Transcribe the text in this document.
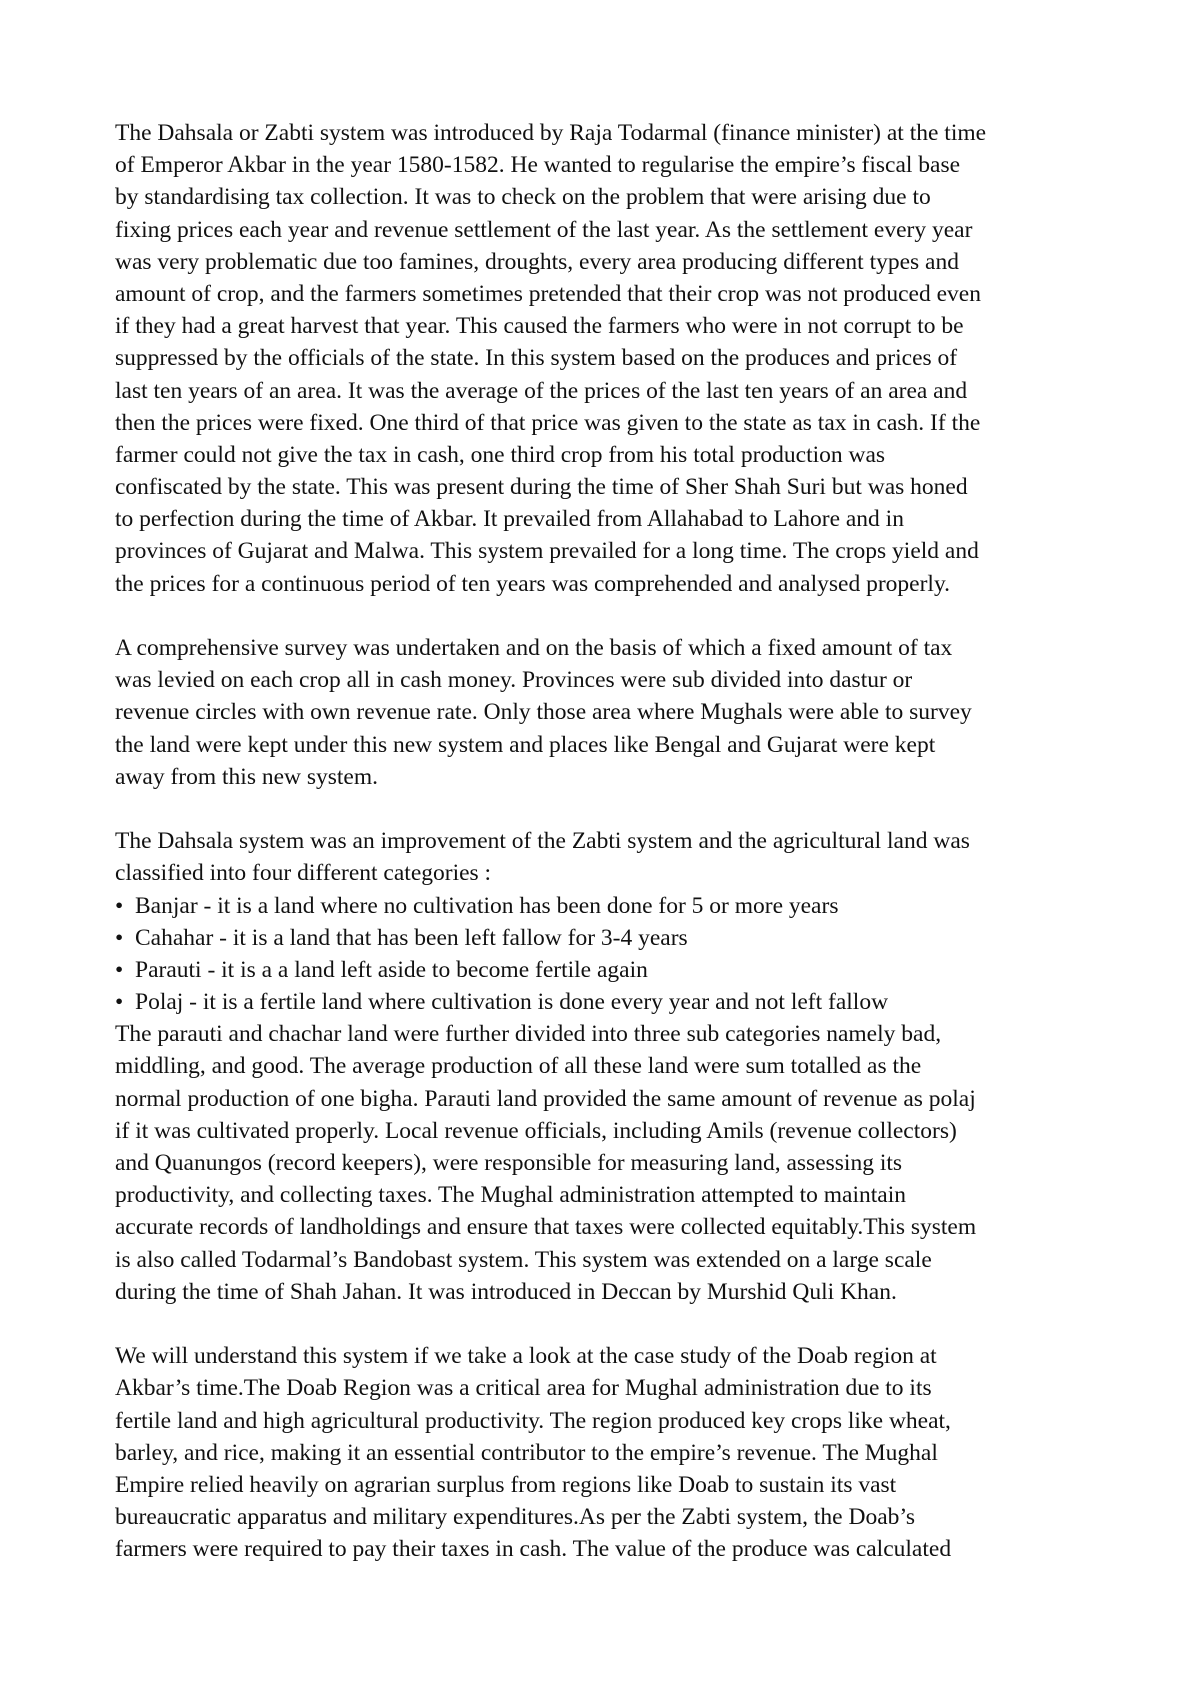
The Dahsala or Zabti system was introduced by Raja Todarmal (finance minister) at the time
of Emperor Akbar in the year 1580-1582. He wanted to regularise the empire’s fiscal base
by standardising tax collection. It was to check on the problem that were arising due to
fixing prices each year and revenue settlement of the last year. As the settlement every year
was very problematic due too famines, droughts, every area producing different types and
amount of crop, and the farmers sometimes pretended that their crop was not produced even
if they had a great harvest that year. This caused the farmers who were in not corrupt to be
suppressed by the officials of the state. In this system based on the produces and prices of
last ten years of an area. It was the average of the prices of the last ten years of an area and
then the prices were fixed. One third of that price was given to the state as tax in cash. If the
farmer could not give the tax in cash, one third crop from his total production was
confiscated by the state. This was present during the time of Sher Shah Suri but was honed
to perfection during the time of Akbar. It prevailed from Allahabad to Lahore and in
provinces of Gujarat and Malwa. This system prevailed for a long time. The crops yield and
the prices for a continuous period of ten years was comprehended and analysed properly.
A comprehensive survey was undertaken and on the basis of which a fixed amount of tax
was levied on each crop all in cash money. Provinces were sub divided into dastur or
revenue circles with own revenue rate. Only those area where Mughals were able to survey
the land were kept under this new system and places like Bengal and Gujarat were kept
away from this new system.
The Dahsala system was an improvement of the Zabti system and the agricultural land was
classified into four different categories :
• Banjar - it is a land where no cultivation has been done for 5 or more years
• Cahahar - it is a land that has been left fallow for 3-4 years
• Parauti - it is a a land left aside to become fertile again
• Polaj - it is a fertile land where cultivation is done every year and not left fallow
The parauti and chachar land were further divided into three sub categories namely bad,
middling, and good. The average production of all these land were sum totalled as the
normal production of one bigha. Parauti land provided the same amount of revenue as polaj
if it was cultivated properly. Local revenue officials, including Amils (revenue collectors)
and Quanungos (record keepers), were responsible for measuring land, assessing its
productivity, and collecting taxes. The Mughal administration attempted to maintain
accurate records of landholdings and ensure that taxes were collected equitably.This system
is also called Todarmal’s Bandobast system. This system was extended on a large scale
during the time of Shah Jahan. It was introduced in Deccan by Murshid Quli Khan.
We will understand this system if we take a look at the case study of the Doab region at
Akbar’s time.The Doab Region was a critical area for Mughal administration due to its
fertile land and high agricultural productivity. The region produced key crops like wheat,
barley, and rice, making it an essential contributor to the empire’s revenue. The Mughal
Empire relied heavily on agrarian surplus from regions like Doab to sustain its vast
bureaucratic apparatus and military expenditures.As per the Zabti system, the Doab’s
farmers were required to pay their taxes in cash. The value of the produce was calculated
